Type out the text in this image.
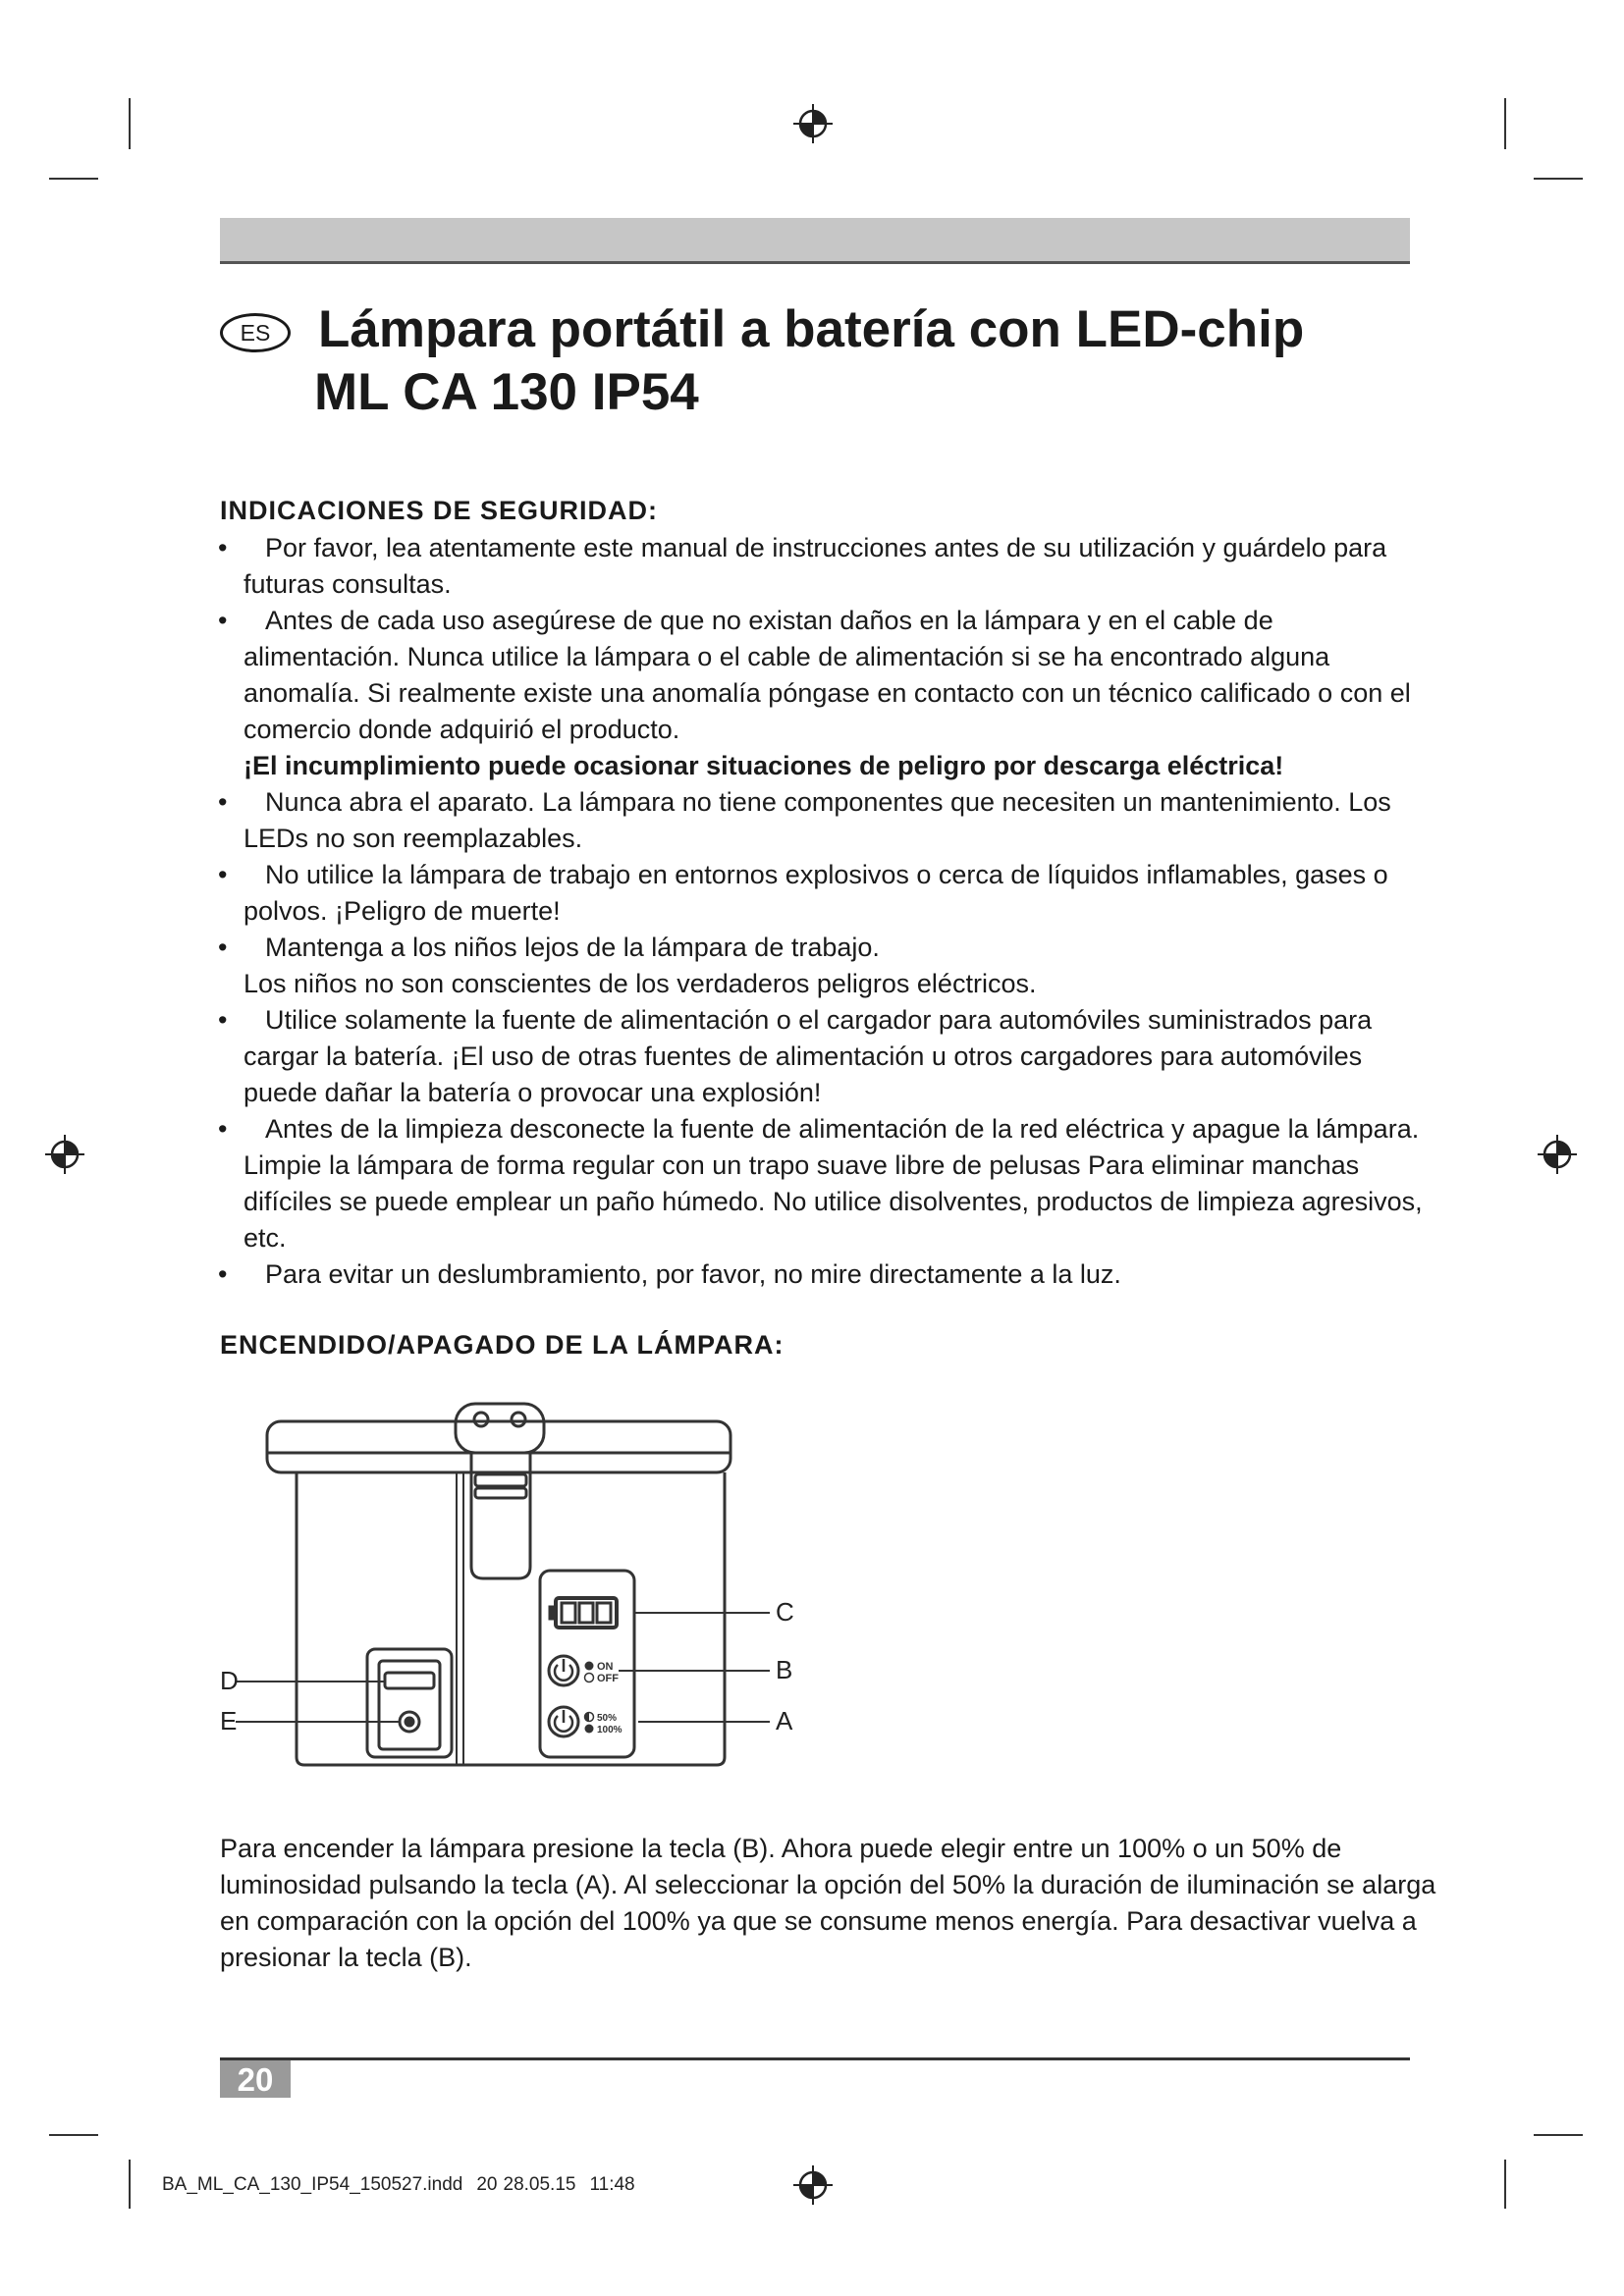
ES Lámpara portátil a batería con LED-chip
ML CA 130 IP54
INDICACIONES DE SEGURIDAD:
•	Por favor, lea atentamente este manual de instrucciones antes de su utilización y guárdelo para futuras consultas.
•	Antes de cada uso asegúrese de que no existan daños en la lámpara y en el cable de alimentación. Nunca utilice la lámpara o el cable de alimentación si se ha encontrado alguna anomalía. Si realmente existe una anomalía póngase en contacto con un técnico calificado o con el comercio donde adquirió el producto.
¡El incumplimiento puede ocasionar situaciones de peligro por descarga eléctrica!
•	Nunca abra el aparato. La lámpara no tiene componentes que necesiten un mantenimiento. Los LEDs no son reemplazables.
•	No utilice la lámpara de trabajo en entornos explosivos o cerca de líquidos inflamables, gases o polvos. ¡Peligro de muerte!
•	Mantenga a los niños lejos de la lámpara de trabajo.
Los niños no son conscientes de los verdaderos peligros eléctricos.
•	Utilice solamente la fuente de alimentación o el cargador para automóviles suministrados para cargar la batería. ¡El uso de otras fuentes de alimentación u otros cargadores para automóviles puede dañar la batería o provocar una explosión!
•	Antes de la limpieza desconecte la fuente de alimentación de la red eléctrica y apague la lámpara. Limpie la lámpara de forma regular con un trapo suave libre de pelusas Para eliminar manchas difíciles se puede emplear un paño húmedo. No utilice disolventes, productos de limpieza agresivos, etc.
•	Para evitar un deslumbramiento, por favor, no mire directamente a la luz.
ENCENDIDO/APAGADO DE LA LÁMPARA:
ON
OFF
50%
100%
C
B
A
D
E
Para encender la lámpara presione la tecla (B). Ahora puede elegir entre un 100% o un 50% de luminosidad pulsando la tecla (A). Al seleccionar la opción del 50% la duración de iluminación se alarga en comparación con la opción del 100% ya que se consume menos energía. Para desactivar vuelva a presionar la tecla (B).
20
BA_ML_CA_130_IP54_150527.indd 20 28.05.15 11:48
